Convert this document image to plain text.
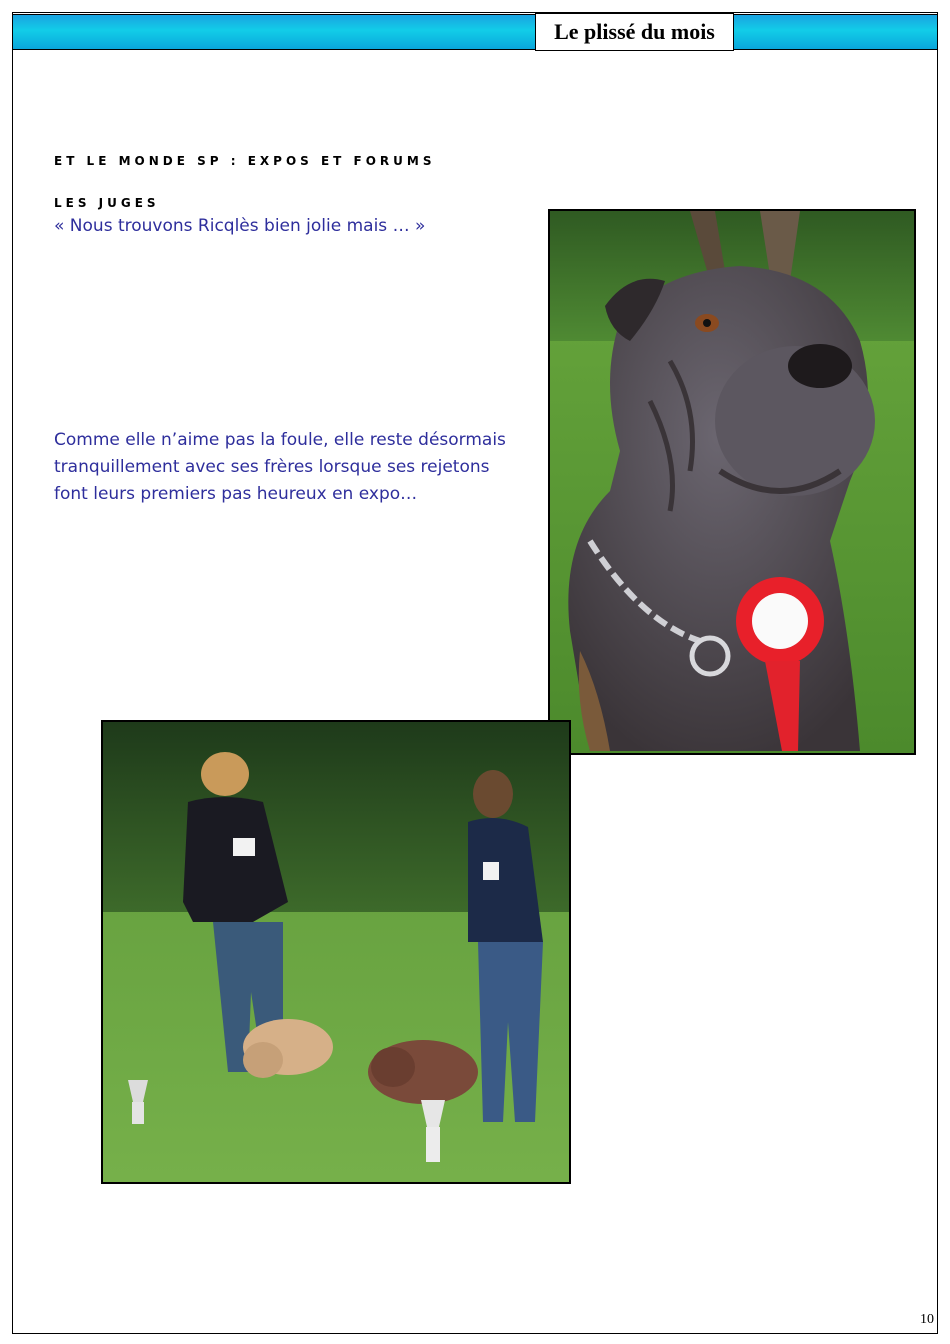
Le plissé du mois
ET LE MONDE SP : EXPOS ET FORUMS
LES JUGES
« Nous trouvons Ricqlès bien jolie mais … »
Comme elle n’aime pas la foule, elle reste désormais
tranquillement avec ses frères lorsque ses rejetons
font leurs premiers pas heureux en expo…
10
